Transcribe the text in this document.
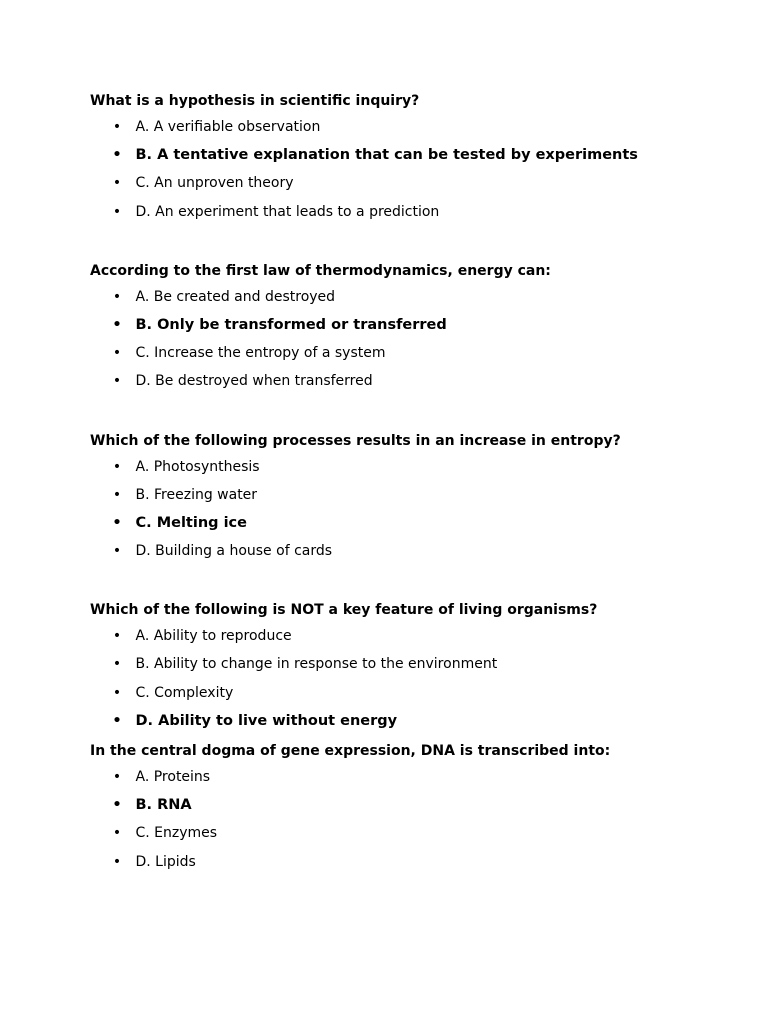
What is a hypothesis in scientific inquiry?

• A. A verifiable observation
• B. A tentative explanation that can be tested by experiments
• C. An unproven theory
• D. An experiment that leads to a prediction

According to the first law of thermodynamics, energy can:

• A. Be created and destroyed
• B. Only be transformed or transferred
• C. Increase the entropy of a system
• D. Be destroyed when transferred

Which of the following processes results in an increase in entropy?

• A. Photosynthesis
• B. Freezing water
• C. Melting ice
• D. Building a house of cards

Which of the following is NOT a key feature of living organisms?

• A. Ability to reproduce
• B. Ability to change in response to the environment
• C. Complexity
• D. Ability to live without energy

In the central dogma of gene expression, DNA is transcribed into:

• A. Proteins
• B. RNA
• C. Enzymes
• D. Lipids
